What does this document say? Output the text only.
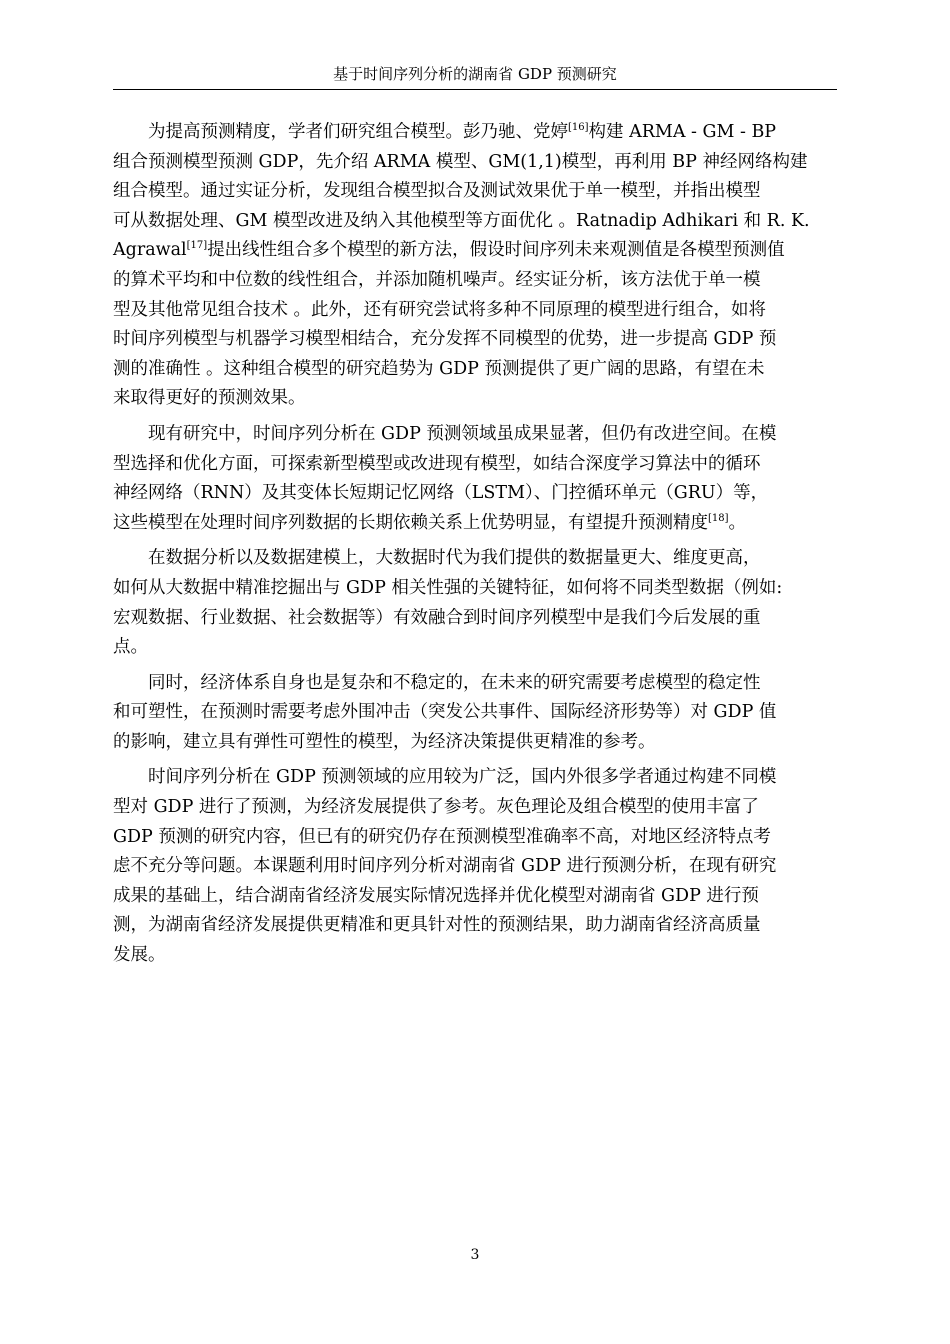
基于时间序列分析的湖南省 GDP 预测研究

为提高预测精度，学者们研究组合模型。彭乃驰、党婷[16]构建 ARMA - GM - BP
组合预测模型预测 GDP，先介绍 ARMA 模型、GM(1,1)模型，再利用 BP 神经网络构建
组合模型。通过实证分析，发现组合模型拟合及测试效果优于单一模型，并指出模型
可从数据处理、GM 模型改进及纳入其他模型等方面优化 。Ratnadip Adhikari 和 R. K.
Agrawal[17]提出线性组合多个模型的新方法，假设时间序列未来观测值是各模型预测值
的算术平均和中位数的线性组合，并添加随机噪声。经实证分析，该方法优于单一模
型及其他常见组合技术 。此外，还有研究尝试将多种不同原理的模型进行组合，如将
时间序列模型与机器学习模型相结合，充分发挥不同模型的优势，进一步提高 GDP 预
测的准确性 。这种组合模型的研究趋势为 GDP 预测提供了更广阔的思路，有望在未
来取得更好的预测效果。

现有研究中，时间序列分析在 GDP 预测领域虽成果显著，但仍有改进空间。在模
型选择和优化方面，可探索新型模型或改进现有模型，如结合深度学习算法中的循环
神经网络（RNN）及其变体长短期记忆网络（LSTM）、门控循环单元（GRU）等，
这些模型在处理时间序列数据的长期依赖关系上优势明显，有望提升预测精度[18]。

在数据分析以及数据建模上，大数据时代为我们提供的数据量更大、维度更高，
如何从大数据中精准挖掘出与 GDP 相关性强的关键特征，如何将不同类型数据（例如:
宏观数据、行业数据、社会数据等）有效融合到时间序列模型中是我们今后发展的重
点。

同时，经济体系自身也是复杂和不稳定的，在未来的研究需要考虑模型的稳定性
和可塑性，在预测时需要考虑外围冲击（突发公共事件、国际经济形势等）对 GDP 值
的影响，建立具有弹性可塑性的模型，为经济决策提供更精准的参考。

时间序列分析在 GDP 预测领域的应用较为广泛，国内外很多学者通过构建不同模
型对 GDP 进行了预测，为经济发展提供了参考。灰色理论及组合模型的使用丰富了
GDP 预测的研究内容，但已有的研究仍存在预测模型准确率不高，对地区经济特点考
虑不充分等问题。本课题利用时间序列分析对湖南省 GDP 进行预测分析，在现有研究
成果的基础上，结合湖南省经济发展实际情况选择并优化模型对湖南省 GDP 进行预
测，为湖南省经济发展提供更精准和更具针对性的预测结果，助力湖南省经济高质量
发展。

3
